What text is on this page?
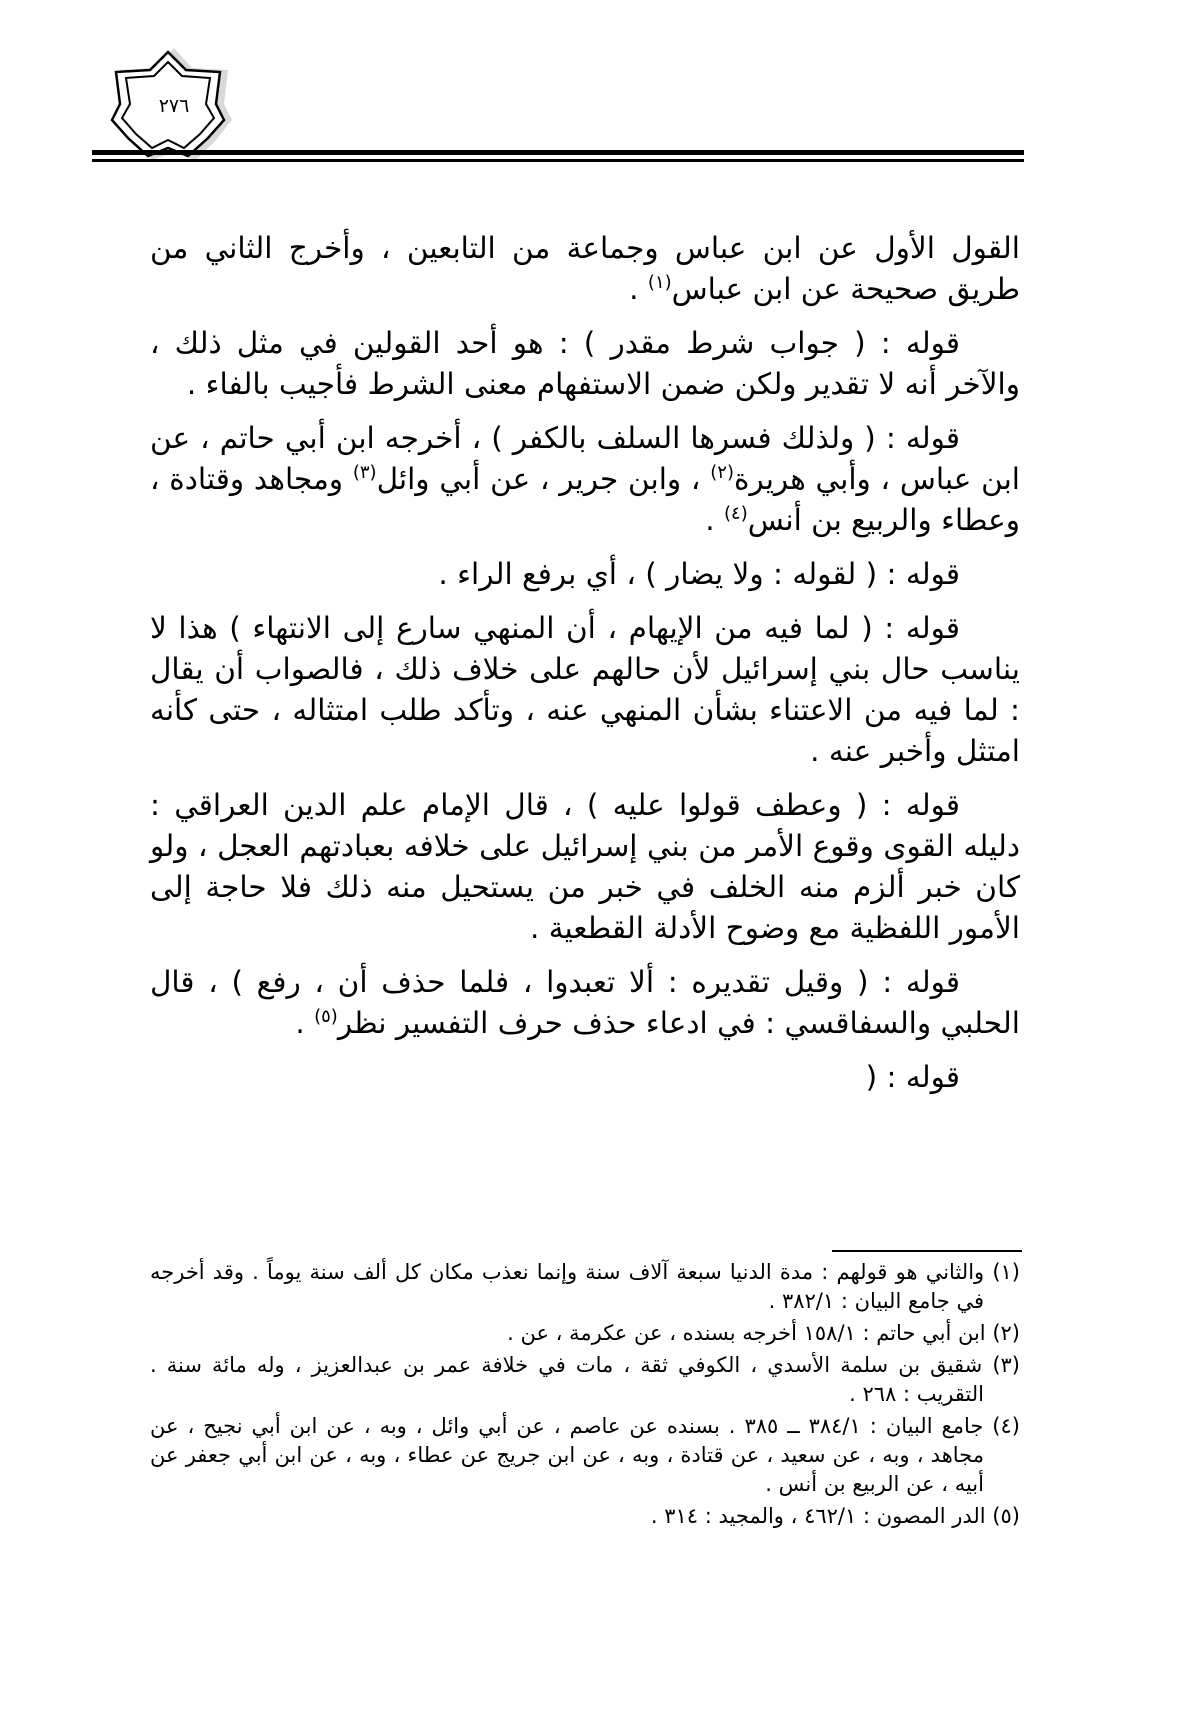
٢٧٦

القول الأول عن ابن عباس وجماعة من التابعين ، وأخرج الثاني من طريق صحيحة عن ابن عباس$^{(١)}$ .

قوله : ( جواب شرط مقدر ) : هو أحد القولين في مثل ذلك ، والآخر أنه لا تقدير ولكن ضمن الاستفهام معنى الشرط فأجيب بالفاء .

قوله : ( ولذلك فسرها السلف بالكفر ) ، أخرجه ابن أبي حاتم ، عن ابن عباس ، وأبي هريرة$^{(٢)}$ ، وابن جرير ، عن أبي وائل$^{(٣)}$ ومجاهد وقتادة ، وعطاء والربيع بن أنس$^{(٤)}$ .

قوله : ( لقوله : ولا يضار ) ، أي برفع الراء .

قوله : ( لما فيه من الإيهام ، أن المنهي سارع إلى الانتهاء ) هذا لا يناسب حال بني إسرائيل لأن حالهم على خلاف ذلك ، فالصواب أن يقال : لما فيه من الاعتناء بشأن المنهي عنه ، وتأكد طلب امتثاله ، حتى كأنه امتثل وأخبر عنه .

قوله : ( وعطف قولوا عليه ) ، قال الإمام علم الدين العراقي : دليله القوى وقوع الأمر من بني إسرائيل على خلافه بعبادتهم العجل ، ولو كان خبر ألزم منه الخلف في خبر من يستحيل منه ذلك فلا حاجة إلى الأمور اللفظية مع وضوح الأدلة القطعية .

قوله : ( وقيل تقديره : ألا تعبدوا ، فلما حذف أن ، رفع ) ، قال الحلبي والسفاقسي : في ادعاء حذف حرف التفسير نظر$^{(٥)}$ .

قوله : (

(١) والثاني هو قولهم : مدة الدنيا سبعة آلاف سنة وإنما نعذب مكان كل ألف سنة يوماً . وقد أخرجه في جامع البيان : ٣٨٢/١ .

(٢) ابن أبي حاتم : ١٥٨/١ أخرجه بسنده ، عن عكرمة ، عن .

(٣) شقيق بن سلمة الأسدي ، الكوفي ثقة ، مات في خلافة عمر بن عبدالعزيز ، وله مائة سنة . التقريب : ٢٦٨ .

(٤) جامع البيان : ٣٨٤/١ ــ ٣٨٥ . بسنده عن عاصم ، عن أبي وائل ، وبه ، عن ابن أبي نجيح ، عن مجاهد ، وبه ، عن سعيد ، عن قتادة ، وبه ، عن ابن جريج عن عطاء ، وبه ، عن ابن أبي جعفر عن أبيه ، عن الربيع بن أنس .

(٥) الدر المصون : ٤٦٢/١ ، والمجيد : ٣١٤ .
